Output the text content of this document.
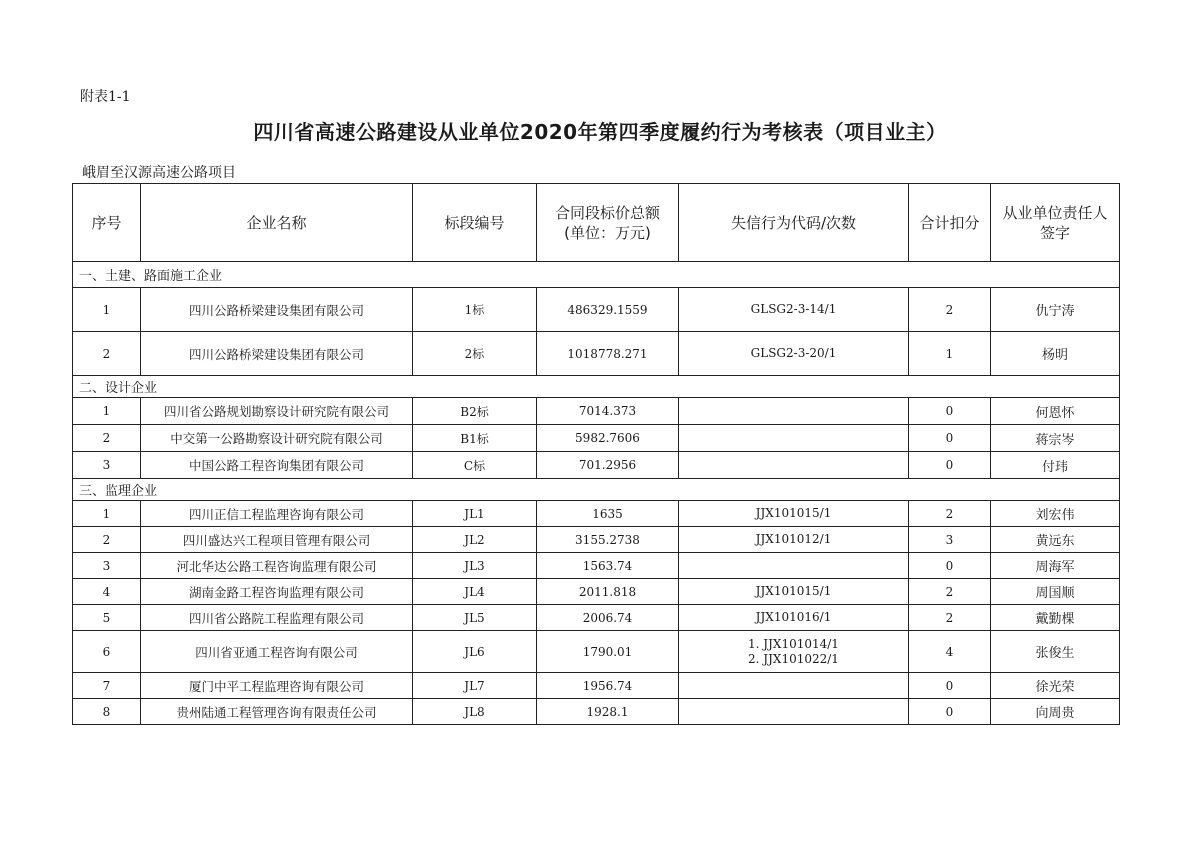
附表1-1
四川省高速公路建设从业单位2020年第四季度履约行为考核表（项目业主）
峨眉至汉源高速公路项目
序号	企业名称	标段编号	合同段标价总额
(单位：万元)	失信行为代码/次数	合计扣分	从业单位责任人
签字

一、土建、路面施工企业						
1	四川公路桥梁建设集团有限公司	1标	486329.1559	GLSG2-3-14/1	2	仇宁涛
2	四川公路桥梁建设集团有限公司	2标	1018778.271	GLSG2-3-20/1	1	杨明
二、设计企业						
1	四川省公路规划勘察设计研究院有限公司	B2标	7014.373		0	何恩怀
2	中交第一公路勘察设计研究院有限公司	B1标	5982.7606		0	蒋宗岑
3	中国公路工程咨询集团有限公司	C标	701.2956		0	付玮
三、监理企业						
1	四川正信工程监理咨询有限公司	JL1	1635	JJX101015/1	2	刘宏伟
2	四川盛达兴工程项目管理有限公司	JL2	3155.2738	JJX101012/1	3	黄远东
3	河北华达公路工程咨询监理有限公司	JL3	1563.74		0	周海军
4	湖南金路工程咨询监理有限公司	JL4	2011.818	JJX101015/1	2	周国顺
5	四川省公路院工程监理有限公司	JL5	2006.74	JJX101016/1	2	戴勤棵
6	四川省亚通工程咨询有限公司	JL6	1790.01	1. JJX101014/1
2. JJX101022/1	4	张俊生
7	厦门中平工程监理咨询有限公司	JL7	1956.74		0	徐光荣
8	贵州陆通工程管理咨询有限责任公司	JL8	1928.1		0	向周贵
